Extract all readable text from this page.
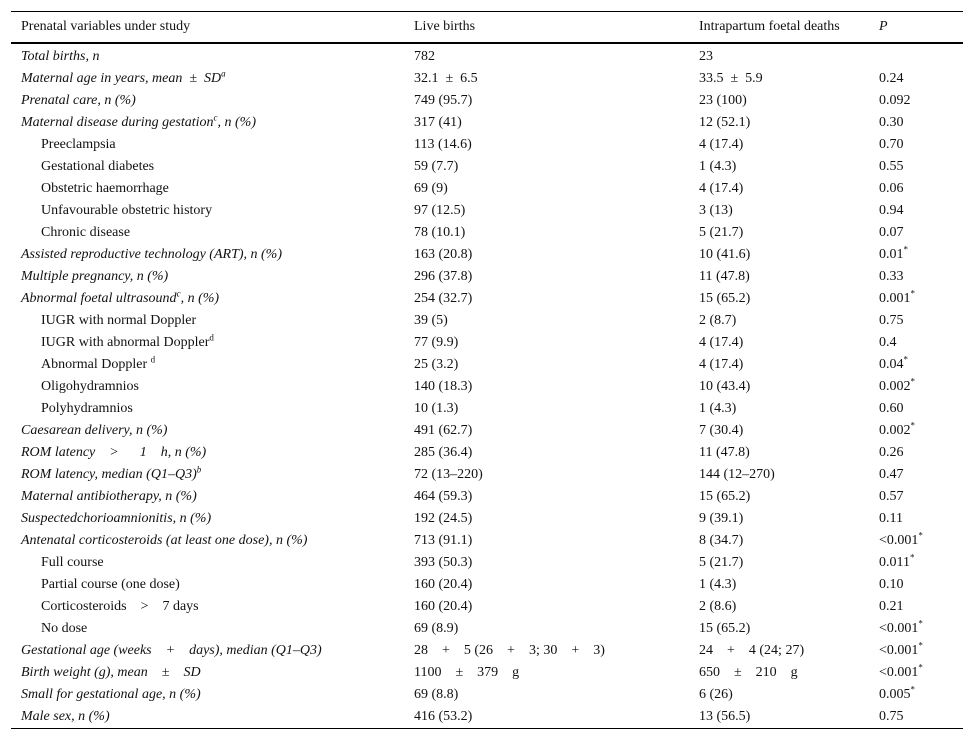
Prenatal variables under study	Live births	Intrapartum foetal deaths	P
Total births, n	782	23	
Maternal age in years, mean ± $SD^a$	32.1 ± 6.5	33.5 ± 5.9	0.24
Prenatal care, n (%)	749 (95.7)	23 (100)	0.092
Maternal disease during gestation$^c$, n (%)	317 (41)	12 (52.1)	0.30
Preeclampsia	113 (14.6)	4 (17.4)	0.70
Gestational diabetes	59 (7.7)	1 (4.3)	0.55
Obstetric haemorrhage	69 (9)	4 (17.4)	0.06
Unfavourable obstetric history	97 (12.5)	3 (13)	0.94
Chronic disease	78 (10.1)	5 (21.7)	0.07
Assisted reproductive technology (ART), n (%)	163 (20.8)	10 (41.6)	0.01*
Multiple pregnancy, n (%)	296 (37.8)	11 (47.8)	0.33
Abnormal foetal ultrasound$^c$, n (%)	254 (32.7)	15 (65.2)	0.001*
IUGR with normal Doppler	39 (5)	2 (8.7)	0.75
IUGR with abnormal Doppler$^d$	77 (9.9)	4 (17.4)	0.4
Abnormal Doppler $^d$	25 (3.2)	4 (17.4)	0.04*
Oligohydramnios	140 (18.3)	10 (43.4)	0.002*
Polyhydramnios	10 (1.3)	1 (4.3)	0.60
Caesarean delivery, n (%)	491 (62.7)	7 (30.4)	0.002*
ROM latency  >   1  h, n (%)	285 (36.4)	11 (47.8)	0.26
ROM latency, median $(Q1-Q3)^b$	72 (13–220)	144 (12–270)	0.47
Maternal antibiotherapy, n (%)	464 (59.3)	15 (65.2)	0.57
Suspectedchorioamnionitis, n (%)	192 (24.5)	9 (39.1)	0.11
Antenatal corticosteroids (at least one dose), n (%)	713 (91.1)	8 (34.7)	<0.001*
Full course	393 (50.3)	5 (21.7)	0.011*
Partial course (one dose)	160 (20.4)	1 (4.3)	0.10
Corticosteroids  >  7 days	160 (20.4)	2 (8.6)	0.21
No dose	69 (8.9)	15 (65.2)	<0.001*
Gestational age (weeks  +  days), median (Q1–Q3)	28  +  5 (26  +  3; 30  +  3)	24  +  4 (24; 27)	<0.001*
Birth weight (g), mean  ±  SD	1100  ±  379  g	650  ±  210  g	<0.001*
Small for gestational age, n (%)	69 (8.8)	6 (26)	0.005*
Male sex, n (%)	416 (53.2)	13 (56.5)	0.75
